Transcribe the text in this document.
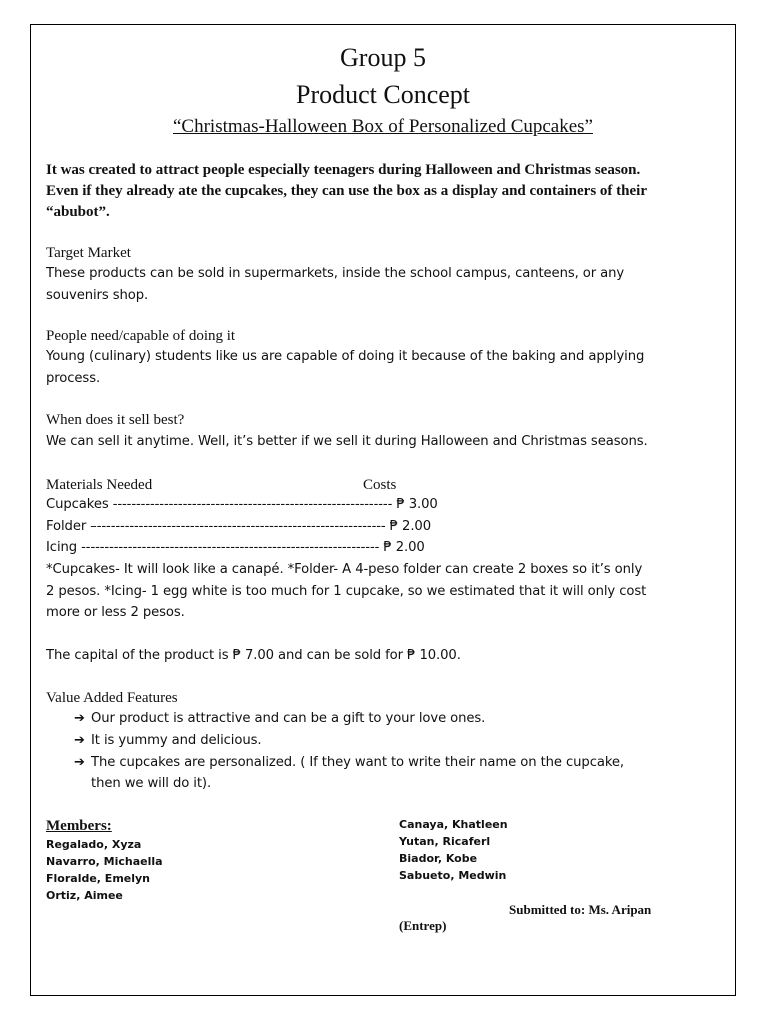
Group 5
Product Concept
“Christmas-Halloween Box of Personalized Cupcakes”
It was created to attract people especially teenagers during Halloween and Christmas season.
Even if they already ate the cupcakes, they can use the box as a display and containers of their
“abubot”.
Target Market
These products can be sold in supermarkets, inside the school campus, canteens, or any
souvenirs shop.
People need/capable of doing it
Young (culinary) students like us are capable of doing it because of the baking and applying
process.
When does it sell best?
We can sell it anytime. Well, it’s better if we sell it during Halloween and Christmas seasons.
Materials Needed	Costs
Cupcakes ------------------------------------------------------------ ₱ 3.00
Folder –-------------------------------------------------------------- ₱ 2.00
Icing ---------------------------------------------------------------- ₱ 2.00
*Cupcakes- It will look like a canapé. *Folder- A 4-peso folder can create 2 boxes so it’s only
2 pesos. *Icing- 1 egg white is too much for 1 cupcake, so we estimated that it will only cost
more or less 2 pesos.
The capital of the product is ₱ 7.00 and can be sold for ₱ 10.00.
Value Added Features
➔ Our product is attractive and can be a gift to your love ones.
➔ It is yummy and delicious.
➔ The cupcakes are personalized. ( If they want to write their name on the cupcake,
then we will do it).
Members:
Regalado, Xyza
Navarro, Michaella
Floralde, Emelyn
Ortiz, Aimee
Canaya, Khatleen
Yutan, Ricaferl
Biador, Kobe
Sabueto, Medwin
Submitted to: Ms. Aripan
(Entrep)
